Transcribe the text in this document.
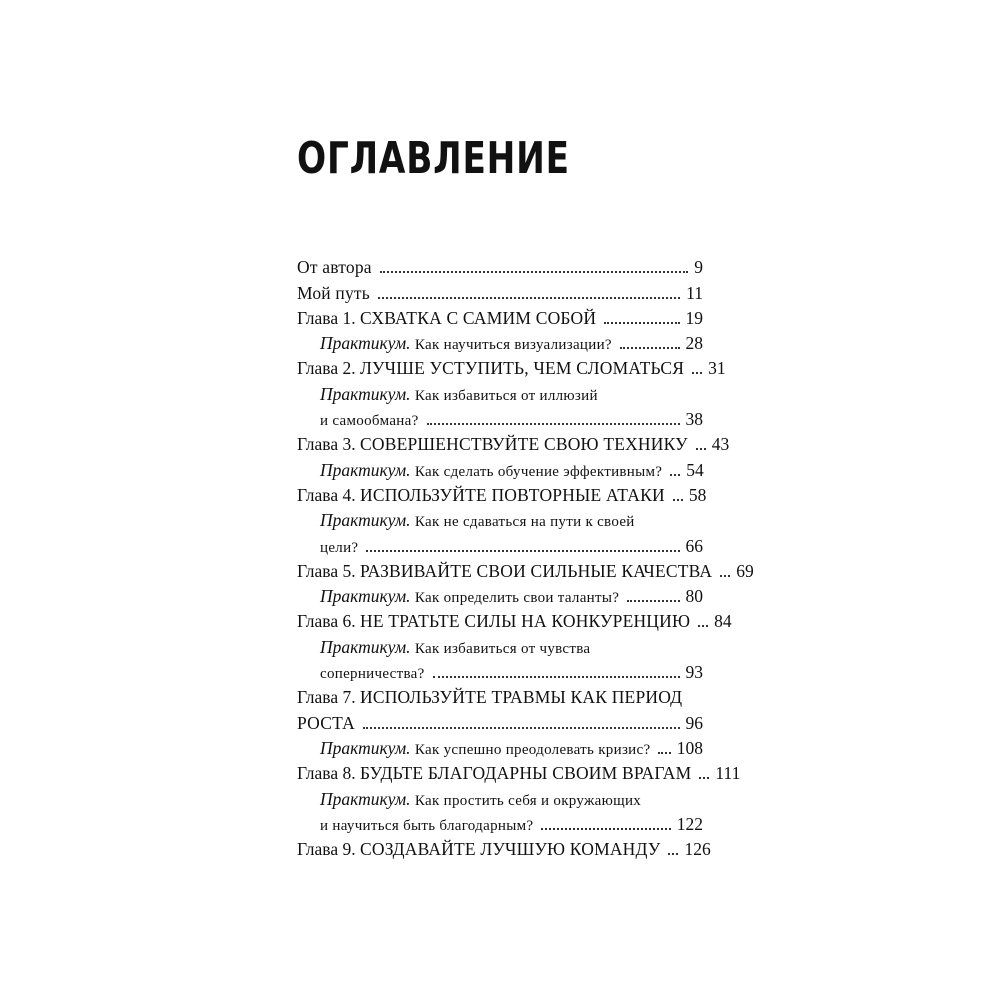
ОГЛАВЛЕНИЕ
От автора	9
Мой путь	11
Глава 1. СХВАТКА С САМИМ СОБОЙ	19
Практикум. Как научиться визуализации?	28
Глава 2. ЛУЧШЕ УСТУПИТЬ, ЧЕМ СЛОМАТЬСЯ 31
Практикум. Как избавиться от иллюзий
и самообмана?	38
Глава 3. СОВЕРШЕНСТВУЙТЕ СВОЮ ТЕХНИКУ 43
Практикум. Как сделать обучение эффективным? 54
Глава 4. ИСПОЛЬЗУЙТЕ ПОВТОРНЫЕ АТАКИ 58
Практикум. Как не сдаваться на пути к своей
цели?	66
Глава 5. РАЗВИВАЙТЕ СВОИ СИЛЬНЫЕ КАЧЕСТВА 69
Практикум. Как определить свои таланты?	80
Глава 6. НЕ ТРАТЬТЕ СИЛЫ НА КОНКУРЕНЦИЮ 84
Практикум. Как избавиться от чувства
соперничества?	93
Глава 7. ИСПОЛЬЗУЙТЕ ТРАВМЫ КАК ПЕРИОД
РОСТА	96
Практикум. Как успешно преодолевать кризис? 108
Глава 8. БУДЬТЕ БЛАГОДАРНЫ СВОИМ ВРАГАМ 111
Практикум. Как простить себя и окружающих
и научиться быть благодарным?	122
Глава 9. СОЗДАВАЙТЕ ЛУЧШУЮ КОМАНДУ 126
